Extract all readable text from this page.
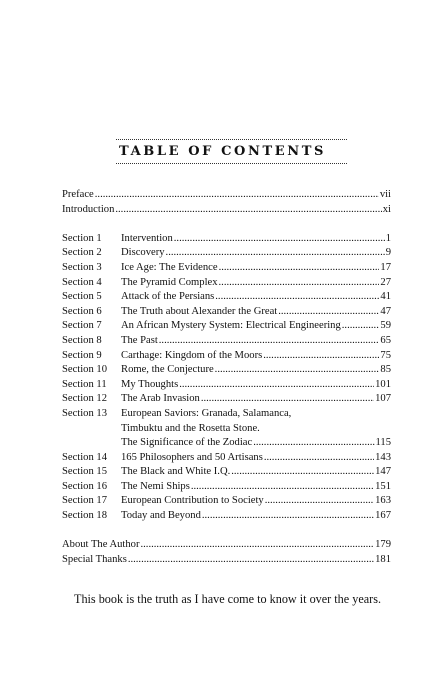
TABLE OF CONTENTS
Preface .....	vii
Introduction .....	xi
Section 1	Intervention .....	1
Section 2	Discovery .....	9
Section 3	Ice Age: The Evidence .....	17
Section 4	The Pyramid Complex .....	27
Section 5	Attack of the Persians .....	41
Section 6	The Truth about Alexander the Great .....	47
Section 7	An African Mystery System: Electrical Engineering .....	59
Section 8	The Past .....	65
Section 9	Carthage: Kingdom of the Moors .....	75
Section 10	Rome, the Conjecture .....	85
Section 11	My Thoughts .....	101
Section 12	The Arab Invasion .....	107
Section 13	European Saviors: Granada, Salamanca,
Timbuktu and the Rosetta Stone.
The Significance of the Zodiac .....	115
Section 14	165 Philosophers and 50 Artisans .....	143
Section 15	The Black and White I.Q. .....	147
Section 16	The Nemi Ships .....	151
Section 17	European Contribution to Society .....	163
Section 18	Today and Beyond .....	167
About The Author .....	179
Special Thanks .....	181
This book is the truth as I have come to know it over the years.
